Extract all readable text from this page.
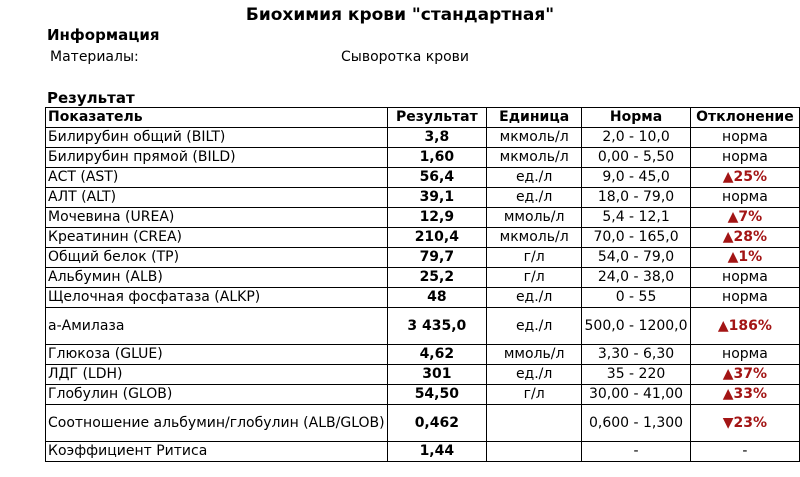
Биохимия крови "стандартная"
Информация
Материалы:	Сыворотка крови
Результат
Показатель	Результат	Единица	Норма	Отклонение
Билирубин общий (BILT)	3,8	мкмоль/л	2,0 - 10,0	норма
Билирубин прямой (BILD)	1,60	мкмоль/л	0,00 - 5,50	норма
АСТ (AST)	56,4	ед./л	9,0 - 45,0	▲25%
АЛТ (ALT)	39,1	ед./л	18,0 - 79,0	норма
Мочевина (UREA)	12,9	ммоль/л	5,4 - 12,1	▲7%
Креатинин (CREA)	210,4	мкмоль/л	70,0 - 165,0	▲28%
Общий белок (TP)	79,7	г/л	54,0 - 79,0	▲1%
Альбумин (ALB)	25,2	г/л	24,0 - 38,0	норма
Щелочная фосфатаза (ALKP)	48	ед./л	0 - 55	норма
a-Амилаза	3 435,0	ед./л	500,0 - 1200,0	▲186%
Глюкоза (GLUE)	4,62	ммоль/л	3,30 - 6,30	норма
ЛДГ (LDH)	301	ед./л	35 - 220	▲37%
Глобулин (GLOB)	54,50	г/л	30,00 - 41,00	▲33%
Соотношение альбумин/глобулин (ALB/GLOB)	0,462		0,600 - 1,300	▼23%
Коэффициент Ритиса	1,44		-	-
